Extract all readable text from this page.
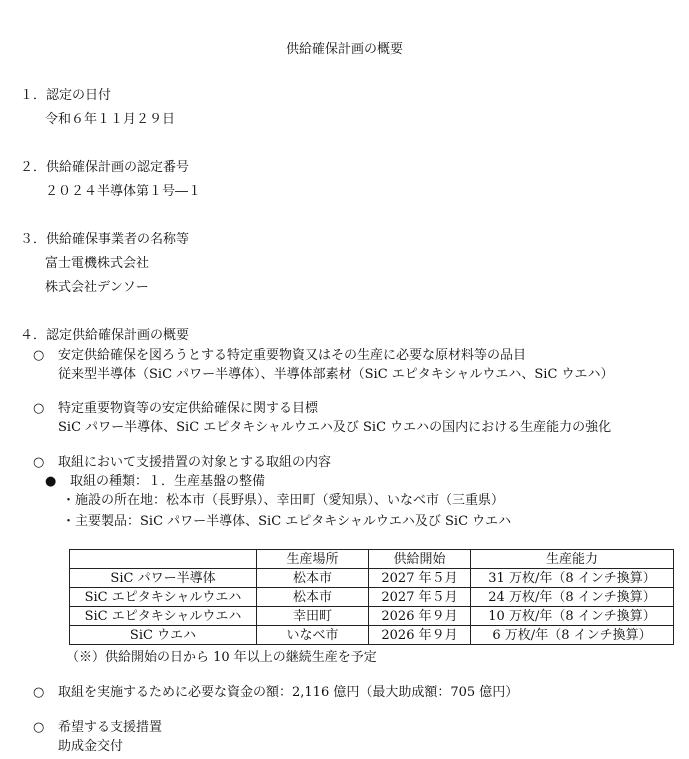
供給確保計画の概要
１．認定の日付
令和６年１１月２９日
２．供給確保計画の認定番号
２０２４半導体第１号―１
３．供給確保事業者の名称等
富士電機株式会社
株式会社デンソー
４．認定供給確保計画の概要
○ 安定供給確保を図ろうとする特定重要物資又はその生産に必要な原材料等の品目
従来型半導体（SiC パワー半導体）、半導体部素材（SiC エピタキシャルウエハ、SiC ウエハ）
○ 特定重要物資等の安定供給確保に関する目標
SiC パワー半導体、SiC エピタキシャルウエハ及び SiC ウエハの国内における生産能力の強化
○ 取組において支援措置の対象とする取組の内容
● 取組の種類：１．生産基盤の整備
・施設の所在地：松本市（長野県）、幸田町（愛知県）、いなべ市（三重県）
・主要製品：SiC パワー半導体、SiC エピタキシャルウエハ及び SiC ウエハ
	生産場所	供給開始	生産能力
SiC パワー半導体	松本市	2027 年５月	31 万枚/年（8 インチ換算）
SiC エピタキシャルウエハ	松本市	2027 年５月	24 万枚/年（8 インチ換算）
SiC エピタキシャルウエハ	幸田町	2026 年９月	10 万枚/年（8 インチ換算）
SiC ウエハ	いなべ市	2026 年９月	6 万枚/年（8 インチ換算）
（※）供給開始の日から 10 年以上の継続生産を予定
○ 取組を実施するために必要な資金の額：2,116 億円（最大助成額：705 億円）
○ 希望する支援措置
助成金交付
